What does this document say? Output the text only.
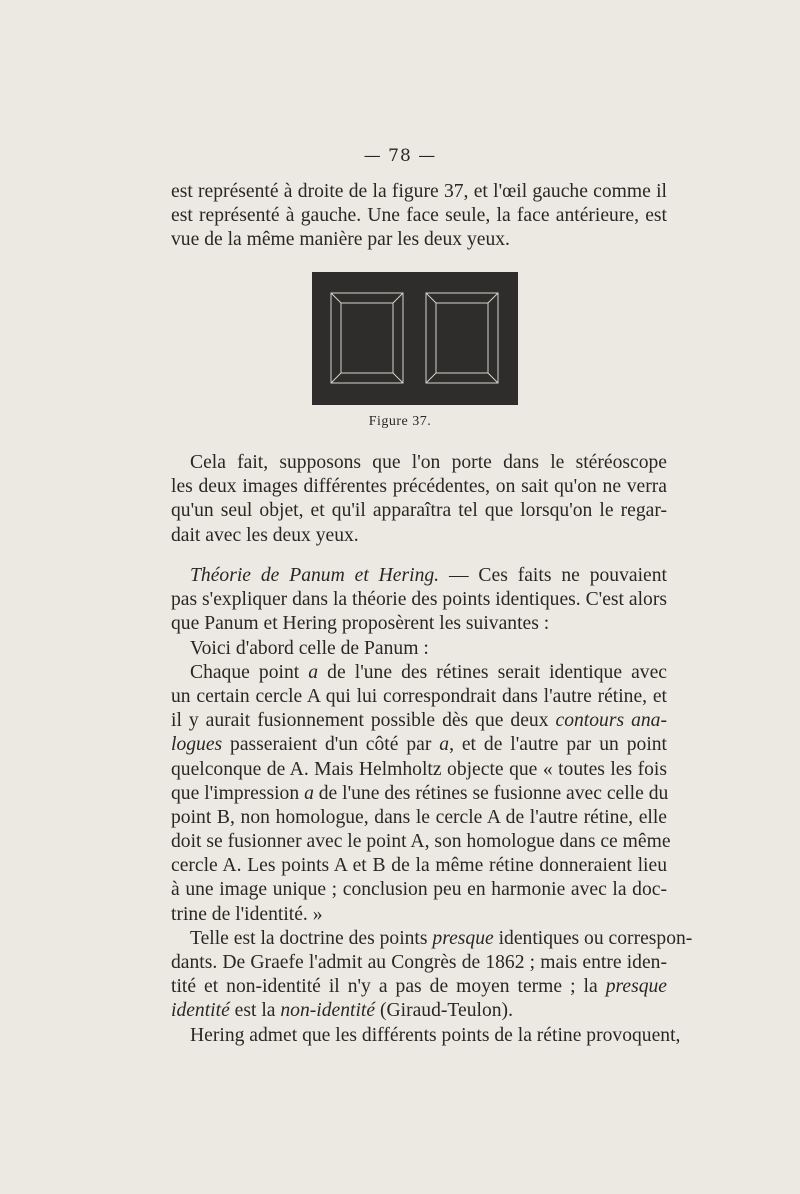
— 78 —
est représenté à droite de la figure 37, et l'œil gauche comme il
est représenté à gauche. Une face seule, la face antérieure, est
vue de la même manière par les deux yeux.
Figure 37.
Cela fait, supposons que l'on porte dans le stéréoscope
les deux images différentes précédentes, on sait qu'on ne verra
qu'un seul objet, et qu'il apparaîtra tel que lorsqu'on le regar-
dait avec les deux yeux.
Théorie de Panum et Hering. — Ces faits ne pouvaient
pas s'expliquer dans la théorie des points identiques. C'est alors
que Panum et Hering proposèrent les suivantes :
Voici d'abord celle de Panum :
Chaque point a de l'une des rétines serait identique avec
un certain cercle A qui lui correspondrait dans l'autre rétine, et
il y aurait fusionnement possible dès que deux contours ana-
logues passeraient d'un côté par a, et de l'autre par un point
quelconque de A. Mais Helmholtz objecte que « toutes les fois
que l'impression a de l'une des rétines se fusionne avec celle du
point B, non homologue, dans le cercle A de l'autre rétine, elle
doit se fusionner avec le point A, son homologue dans ce même
cercle A. Les points A et B de la même rétine donneraient lieu
à une image unique ; conclusion peu en harmonie avec la doc-
trine de l'identité. »
Telle est la doctrine des points presque identiques ou correspon-
dants. De Graefe l'admit au Congrès de 1862 ; mais entre iden-
tité et non-identité il n'y a pas de moyen terme ; la presque
identité est la non-identité (Giraud-Teulon).
Hering admet que les différents points de la rétine provoquent,
